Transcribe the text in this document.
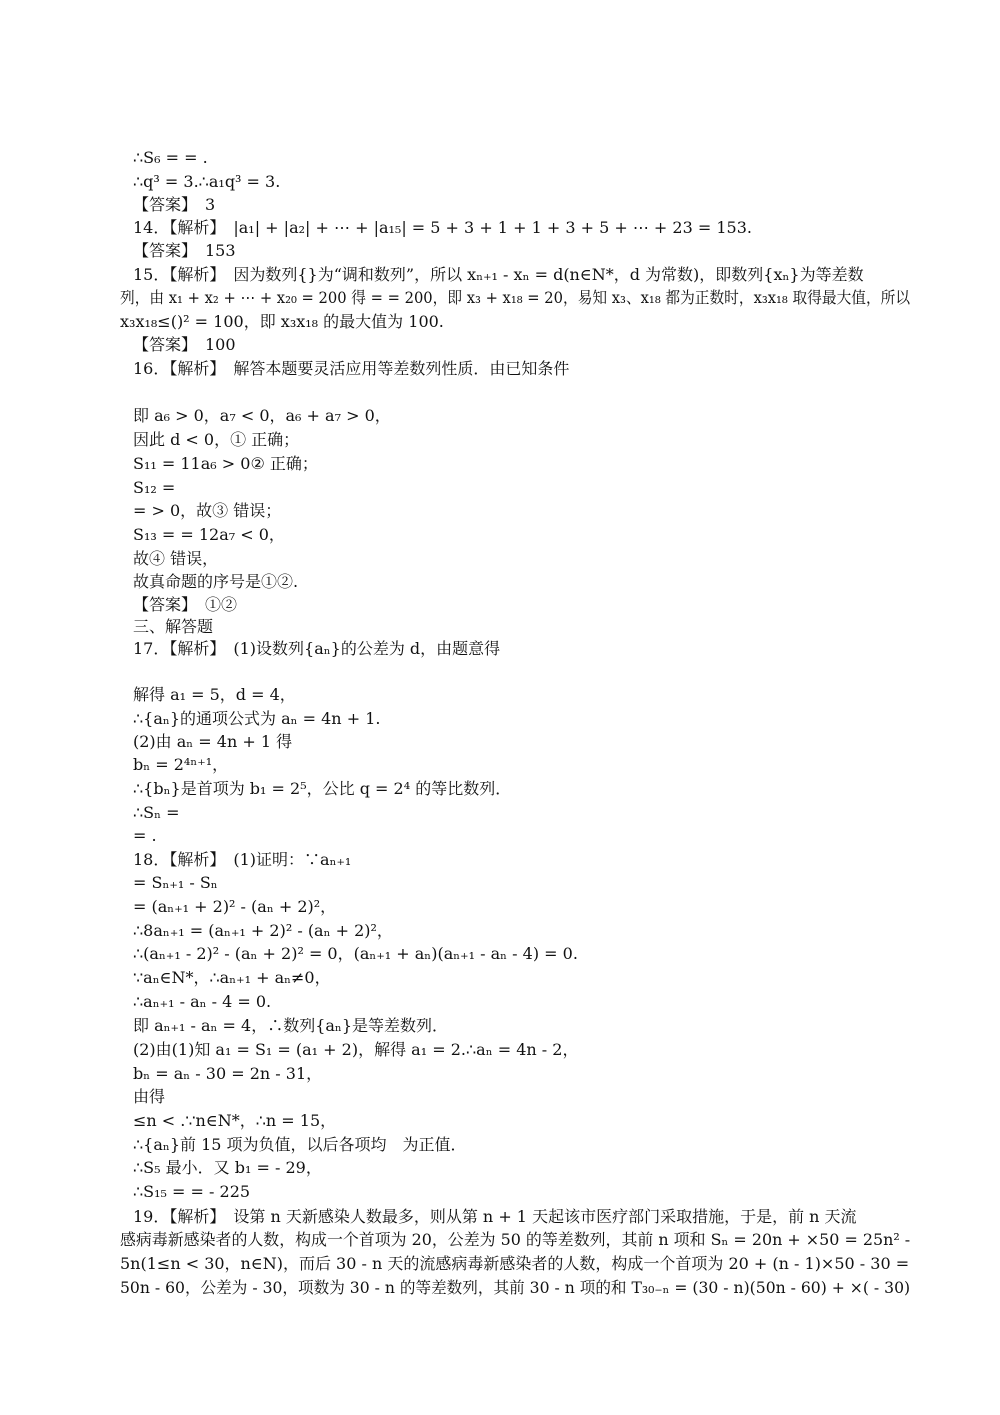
∴S₆ = = .
∴q³ = 3.∴a₁q³ = 3.
【答案】　3
14．【解析】　|a₁| + |a₂| + ⋯ + |a₁₅| = 5 + 3 + 1 + 1 + 3 + 5 + ⋯ + 23 = 153.
【答案】　153
15．【解析】　因为数列{}为“调和数列”，所以 xₙ₊₁ - xₙ = d(n∈N*，d 为常数)，即数列{xₙ}为等差数
列，由 x₁ + x₂ + ⋯ + x₂₀ = 200 得 = = 200，即 x₃ + x₁₈ = 20，易知 x₃、x₁₈ 都为正数时，x₃x₁₈ 取得最大值，所以
x₃x₁₈≤()² = 100，即 x₃x₁₈ 的最大值为 100.
【答案】　100
16．【解析】　解答本题要灵活应用等差数列性质．由已知条件
即 a₆ > 0，a₇ < 0，a₆ + a₇ > 0，
因此 d < 0，① 正确；
S₁₁ = 11a₆ > 0② 正确；
S₁₂ =
= > 0，故③ 错误；
S₁₃ = = 12a₇ < 0，
故④ 错误，
故真命题的序号是①②.
【答案】　①②
三、解答题
17．【解析】　(1)设数列{aₙ}的公差为 d，由题意得
解得 a₁ = 5，d = 4，
∴{aₙ}的通项公式为 aₙ = 4n + 1.
(2)由 aₙ = 4n + 1 得
bₙ = 2⁴ⁿ⁺¹，
∴{bₙ}是首项为 b₁ = 2⁵，公比 q = 2⁴ 的等比数列．
∴Sₙ =
= .
18．【解析】　(1)证明：∵aₙ₊₁
= Sₙ₊₁ - Sₙ
= (aₙ₊₁ + 2)² - (aₙ + 2)²，
∴8aₙ₊₁ = (aₙ₊₁ + 2)² - (aₙ + 2)²，
∴(aₙ₊₁ - 2)² - (aₙ + 2)² = 0，(aₙ₊₁ + aₙ)(aₙ₊₁ - aₙ - 4) = 0.
∵aₙ∈N*，∴aₙ₊₁ + aₙ≠0，
∴aₙ₊₁ - aₙ - 4 = 0.
即 aₙ₊₁ - aₙ = 4，∴数列{aₙ}是等差数列．
(2)由(1)知 a₁ = S₁ = (a₁ + 2)，解得 a₁ = 2.∴aₙ = 4n - 2，
bₙ = aₙ - 30 = 2n - 31，
由得
≤n < .∵n∈N*，∴n = 15，
∴{aₙ}前 15 项为负值，以后各项均　为正值．
∴S₅ 最小．又 b₁ = - 29，
∴S₁₅ = = - 225
19．【解析】　设第 n 天新感染人数最多，则从第 n + 1 天起该市医疗部门采取措施，于是，前 n 天流
感病毒新感染者的人数，构成一个首项为 20，公差为 50 的等差数列，其前 n 项和 Sₙ = 20n + ×50 = 25n² -
5n(1≤n < 30，n∈N)，而后 30 - n 天的流感病毒新感染者的人数，构成一个首项为 20 + (n - 1)×50 - 30 =
50n - 60，公差为 - 30，项数为 30 - n 的等差数列，其前 30 - n 项的和 T₃₀₋ₙ = (30 - n)(50n - 60) + ×( - 30)
